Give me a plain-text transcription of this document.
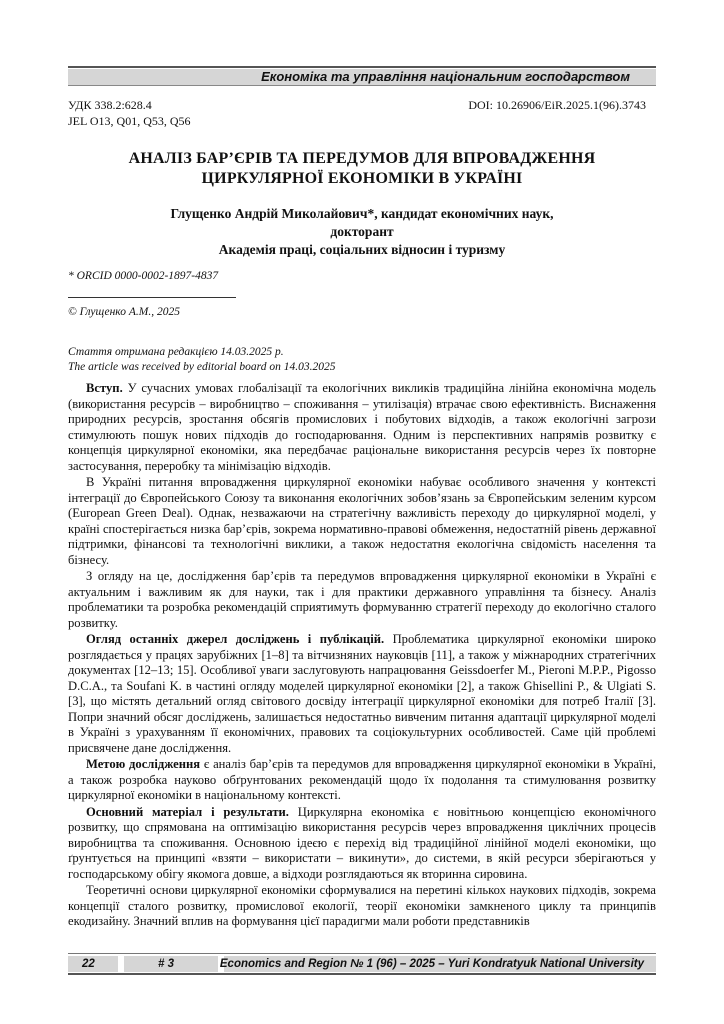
Економіка та управління національним господарством
УДК 338.2:628.4
JEL O13, Q01, Q53, Q56
DOI: 10.26906/EiR.2025.1(96).3743
АНАЛІЗ БАР’ЄРІВ ТА ПЕРЕДУМОВ ДЛЯ ВПРОВАДЖЕННЯ
ЦИРКУЛЯРНОЇ ЕКОНОМІКИ В УКРАЇНІ
Глущенко Андрій Миколайович*, кандидат економічних наук,
докторант
Академія праці, соціальних відносин і туризму
* ORCID 0000-0002-1897-4837
© Глущенко А.М., 2025
Стаття отримана редакцією 14.03.2025 р.
The article was received by editorial board on 14.03.2025

Вступ. У сучасних умовах глобалізації та екологічних викликів традиційна лінійна економічна модель (використання ресурсів – виробництво – споживання – утилізація) втрачає свою ефективність. Виснаження природних ресурсів, зростання обсягів промислових і побутових відходів, а також екологічні загрози стимулюють пошук нових підходів до господарювання. Одним із перспективних напрямів розвитку є концепція циркулярної економіки, яка передбачає раціональне використання ресурсів через їх повторне застосування, переробку та мінімізацію відходів.

В Україні питання впровадження циркулярної економіки набуває особливого значення у контексті інтеграції до Європейського Союзу та виконання екологічних зобов’язань за Європейським зеленим курсом (European Green Deal). Однак, незважаючи на стратегічну важливість переходу до циркулярної моделі, у країні спостерігається низка бар’єрів, зокрема нормативно-правові обмеження, недостатній рівень державної підтримки, фінансові та технологічні виклики, а також недостатня екологічна свідомість населення та бізнесу.

З огляду на це, дослідження бар’єрів та передумов впровадження циркулярної економіки в Україні є актуальним і важливим як для науки, так і для практики державного управління та бізнесу. Аналіз проблематики та розробка рекомендацій сприятимуть формуванню стратегії переходу до екологічно сталого розвитку.

Огляд останніх джерел досліджень і публікацій. Проблематика циркулярної економіки широко розглядається у працях зарубіжних [1–8] та вітчизняних науковців [11], а також у міжнародних стратегічних документах [12–13; 15]. Особливої уваги заслуговують напрацювання Geissdoerfer M., Pieroni M.P.P., Pigosso D.C.A., та Soufani K. в частині огляду моделей циркулярної економіки [2], а також Ghisellini P., & Ulgiati S. [3], що містять детальний огляд світового досвіду інтеграції циркулярної економіки для потреб Італії [3]. Попри значний обсяг досліджень, залишається недостатньо вивченим питання адаптації циркулярної моделі в Україні з урахуванням її економічних, правових та соціокультурних особливостей. Саме цій проблемі присвячене дане дослідження.

Метою дослідження є аналіз бар’єрів та передумов для впровадження циркулярної економіки в Україні, а також розробка науково обґрунтованих рекомендацій щодо їх подолання та стимулювання розвитку циркулярної економіки в національному контексті.

Основний матеріал і результати. Циркулярна економіка є новітньою концепцією економічного розвитку, що спрямована на оптимізацію використання ресурсів через впровадження циклічних процесів виробництва та споживання. Основною ідеєю є перехід від традиційної лінійної моделі економіки, що ґрунтується на принципі «взяти – використати – викинути», до системи, в якій ресурси зберігаються у господарському обігу якомога довше, а відходи розглядаються як вторинна сировина.

Теоретичні основи циркулярної економіки сформувалися на перетині кількох наукових підходів, зокрема концепції сталого розвитку, промислової екології, теорії економіки замкненого циклу та принципів екодизайну. Значний вплив на формування цієї парадигми мали роботи представників

22	# 3	Economics and Region № 1 (96) – 2025 – Yuri Kondratyuk National University
